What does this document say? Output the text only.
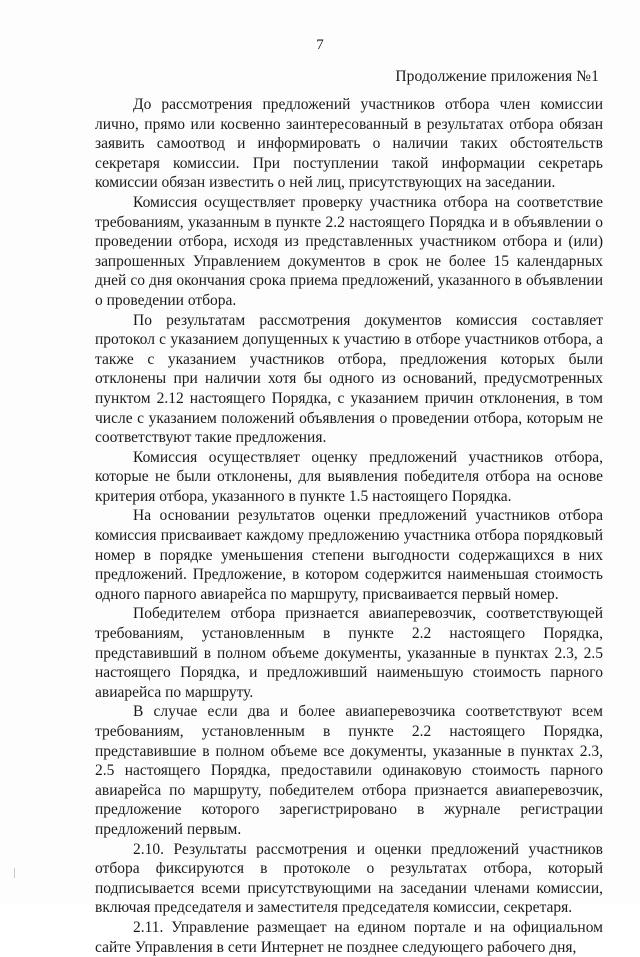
7
Продолжение приложения №1

До рассмотрения предложений участников отбора член комиссии лично, прямо или косвенно заинтересованный в результатах отбора обязан заявить самоотвод и информировать о наличии таких обстоятельств секретаря комиссии. При поступлении такой информации секретарь комиссии обязан известить о ней лиц, присутствующих на заседании.

Комиссия осуществляет проверку участника отбора на соответствие требованиям, указанным в пункте 2.2 настоящего Порядка и в объявлении о проведении отбора, исходя из представленных участником отбора и (или) запрошенных Управлением документов в срок не более 15 календарных дней со дня окончания срока приема предложений, указанного в объявлении о проведении отбора.

По результатам рассмотрения документов комиссия составляет протокол с указанием допущенных к участию в отборе участников отбора, а также с указанием участников отбора, предложения которых были отклонены при наличии хотя бы одного из оснований, предусмотренных пунктом 2.12 настоящего Порядка, с указанием причин отклонения, в том числе с указанием положений объявления о проведении отбора, которым не соответствуют такие предложения.

Комиссия осуществляет оценку предложений участников отбора, которые не были отклонены, для выявления победителя отбора на основе критерия отбора, указанного в пункте 1.5 настоящего Порядка.

На основании результатов оценки предложений участников отбора комиссия присваивает каждому предложению участника отбора порядковый номер в порядке уменьшения степени выгодности содержащихся в них предложений. Предложение, в котором содержится наименьшая стоимость одного парного авиарейса по маршруту, присваивается первый номер.

Победителем отбора признается авиаперевозчик, соответствующей требованиям, установленным в пункте 2.2 настоящего Порядка, представивший в полном объеме документы, указанные в пунктах 2.3, 2.5 настоящего Порядка, и предложивший наименьшую стоимость парного авиарейса по маршруту.

В случае если два и более авиаперевозчика соответствуют всем требованиям, установленным в пункте 2.2 настоящего Порядка, представившие в полном объеме все документы, указанные в пунктах 2.3, 2.5 настоящего Порядка, предоставили одинаковую стоимость парного авиарейса по маршруту, победителем отбора признается авиаперевозчик, предложение которого зарегистрировано в журнале регистрации предложений первым.

2.10. Результаты рассмотрения и оценки предложений участников отбора фиксируются в протоколе о результатах отбора, который подписывается всеми присутствующими на заседании членами комиссии, включая председателя и заместителя председателя комиссии, секретаря.

2.11. Управление размещает на едином портале и на официальном сайте Управления в сети Интернет не позднее следующего рабочего дня,
